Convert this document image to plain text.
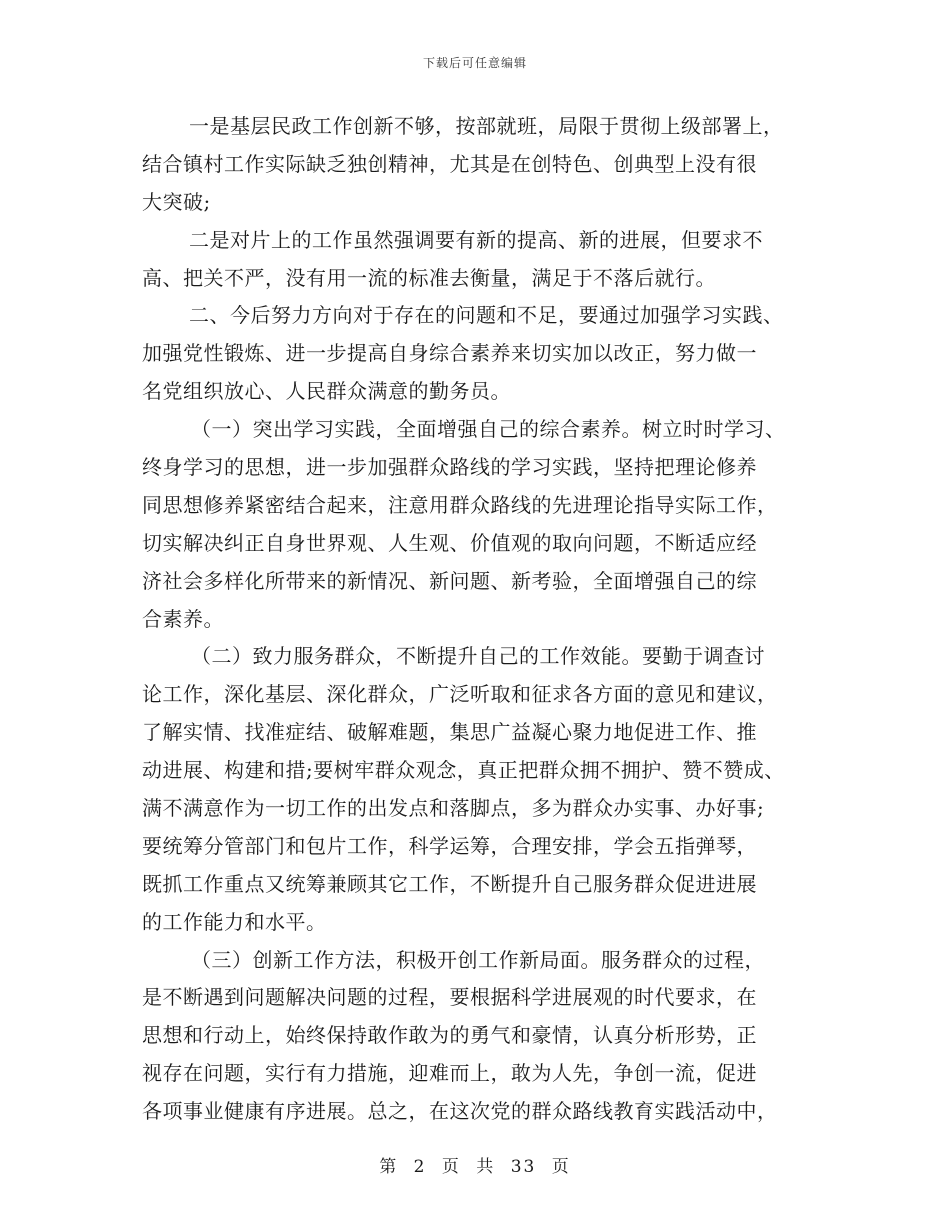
下载后可任意编辑
一是基层民政工作创新不够，按部就班，局限于贯彻上级部署上，
结合镇村工作实际缺乏独创精神，尤其是在创特色、创典型上没有很
大突破;
二是对片上的工作虽然强调要有新的提高、新的进展，但要求不
高、把关不严，没有用一流的标准去衡量，满足于不落后就行。
二、今后努力方向对于存在的问题和不足，要通过加强学习实践、
加强党性锻炼、进一步提高自身综合素养来切实加以改正，努力做一
名党组织放心、人民群众满意的勤务员。
（一）突出学习实践，全面增强自己的综合素养。树立时时学习、
终身学习的思想，进一步加强群众路线的学习实践，坚持把理论修养
同思想修养紧密结合起来，注意用群众路线的先进理论指导实际工作，
切实解决纠正自身世界观、人生观、价值观的取向问题，不断适应经
济社会多样化所带来的新情况、新问题、新考验，全面增强自己的综
合素养。
（二）致力服务群众，不断提升自己的工作效能。要勤于调查讨
论工作，深化基层、深化群众，广泛听取和征求各方面的意见和建议，
了解实情、找准症结、破解难题，集思广益凝心聚力地促进工作、推
动进展、构建和措;要树牢群众观念，真正把群众拥不拥护、赞不赞成、
满不满意作为一切工作的出发点和落脚点，多为群众办实事、办好事;
要统筹分管部门和包片工作，科学运筹，合理安排，学会五指弹琴，
既抓工作重点又统筹兼顾其它工作，不断提升自己服务群众促进进展
的工作能力和水平。
（三）创新工作方法，积极开创工作新局面。服务群众的过程，
是不断遇到问题解决问题的过程，要根据科学进展观的时代要求，在
思想和行动上，始终保持敢作敢为的勇气和豪情，认真分析形势，正
视存在问题，实行有力措施，迎难而上，敢为人先，争创一流，促进
各项事业健康有序进展。总之，在这次党的群众路线教育实践活动中，
第 2 页 共 33 页
